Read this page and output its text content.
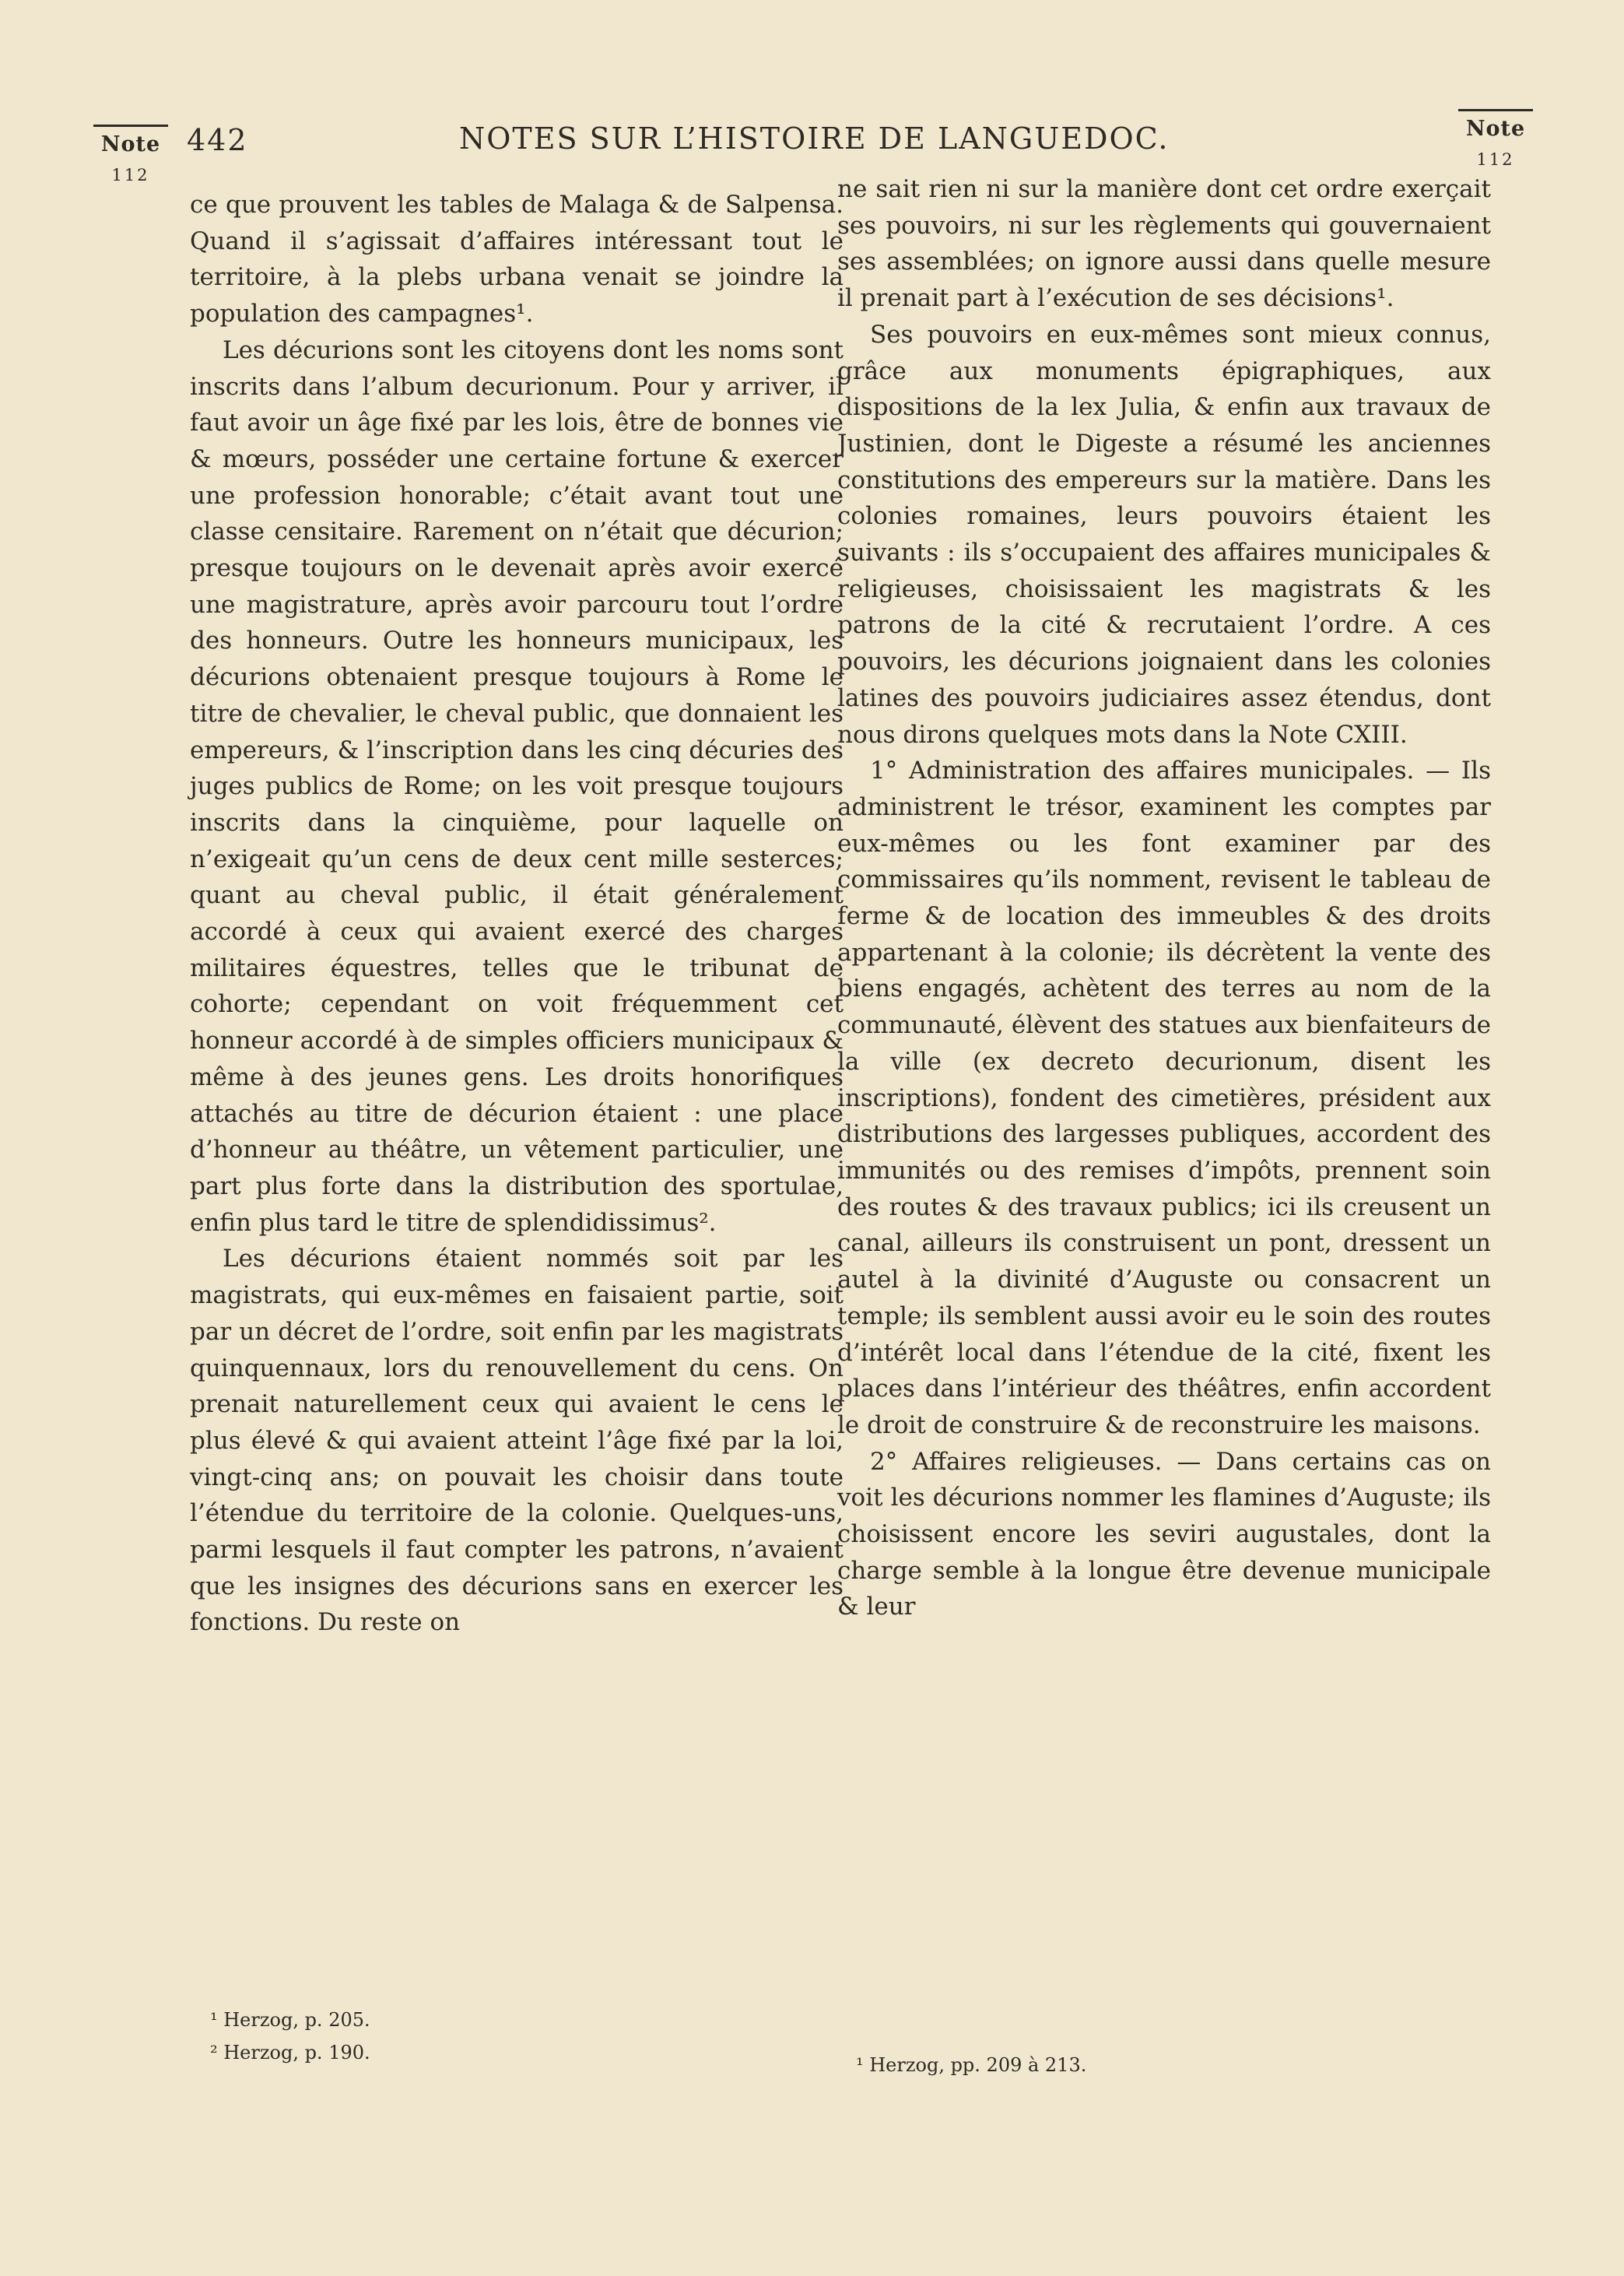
Note
112
Note
112
442	NOTES SUR L’HISTOIRE DE LANGUEDOC.

ce que prouvent les tables de Malaga & de Salpensa. Quand il s’agissait d’affaires intéressant tout le territoire, à la plebs urbana venait se joindre la population des campagnes¹.

Les décurions sont les citoyens dont les noms sont inscrits dans l’album decurionum. Pour y arriver, il faut avoir un âge fixé par les lois, être de bonnes vie & mœurs, posséder une certaine fortune & exercer une profession honorable; c’était avant tout une classe censitaire. Rarement on n’était que décurion; presque toujours on le devenait après avoir exercé une magistrature, après avoir parcouru tout l’ordre des honneurs. Outre les honneurs municipaux, les décurions obtenaient presque toujours à Rome le titre de chevalier, le cheval public, que donnaient les empereurs, & l’inscription dans les cinq décuries des juges publics de Rome; on les voit presque toujours inscrits dans la cinquième, pour laquelle on n’exigeait qu’un cens de deux cent mille sesterces; quant au cheval public, il était généralement accordé à ceux qui avaient exercé des charges militaires équestres, telles que le tribunat de cohorte; cependant on voit fréquemment cet honneur accordé à de simples officiers municipaux & même à des jeunes gens. Les droits honorifiques attachés au titre de décurion étaient : une place d’honneur au théâtre, un vêtement particulier, une part plus forte dans la distribution des sportulae, enfin plus tard le titre de splendidissimus².

Les décurions étaient nommés soit par les magistrats, qui eux-mêmes en faisaient partie, soit par un décret de l’ordre, soit enfin par les magistrats quinquennaux, lors du renouvellement du cens. On prenait naturellement ceux qui avaient le cens le plus élevé & qui avaient atteint l’âge fixé par la loi, vingt-cinq ans; on pouvait les choisir dans toute l’étendue du territoire de la colonie. Quelques-uns, parmi lesquels il faut compter les patrons, n’avaient que les insignes des décurions sans en exercer les fonctions. Du reste on

ne sait rien ni sur la manière dont cet ordre exerçait ses pouvoirs, ni sur les règlements qui gouvernaient ses assemblées; on ignore aussi dans quelle mesure il prenait part à l’exécution de ses décisions¹.

Ses pouvoirs en eux-mêmes sont mieux connus, grâce aux monuments épigraphiques, aux dispositions de la lex Julia, & enfin aux travaux de Justinien, dont le Digeste a résumé les anciennes constitutions des empereurs sur la matière. Dans les colonies romaines, leurs pouvoirs étaient les suivants : ils s’occupaient des affaires municipales & religieuses, choisissaient les magistrats & les patrons de la cité & recrutaient l’ordre. A ces pouvoirs, les décurions joignaient dans les colonies latines des pouvoirs judiciaires assez étendus, dont nous dirons quelques mots dans la Note CXIII.

1° Administration des affaires municipales. — Ils administrent le trésor, examinent les comptes par eux-mêmes ou les font examiner par des commissaires qu’ils nomment, revisent le tableau de ferme & de location des immeubles & des droits appartenant à la colonie; ils décrètent la vente des biens engagés, achètent des terres au nom de la communauté, élèvent des statues aux bienfaiteurs de la ville (ex decreto decurionum, disent les inscriptions), fondent des cimetières, président aux distributions des largesses publiques, accordent des immunités ou des remises d’impôts, prennent soin des routes & des travaux publics; ici ils creusent un canal, ailleurs ils construisent un pont, dressent un autel à la divinité d’Auguste ou consacrent un temple; ils semblent aussi avoir eu le soin des routes d’intérêt local dans l’étendue de la cité, fixent les places dans l’intérieur des théâtres, enfin accordent le droit de construire & de reconstruire les maisons.

2° Affaires religieuses. — Dans certains cas on voit les décurions nommer les flamines d’Auguste; ils choisissent encore les seviri augustales, dont la charge semble à la longue être devenue municipale & leur

¹ Herzog, p. 205.
² Herzog, p. 190.
¹ Herzog, pp. 209 à 213.
